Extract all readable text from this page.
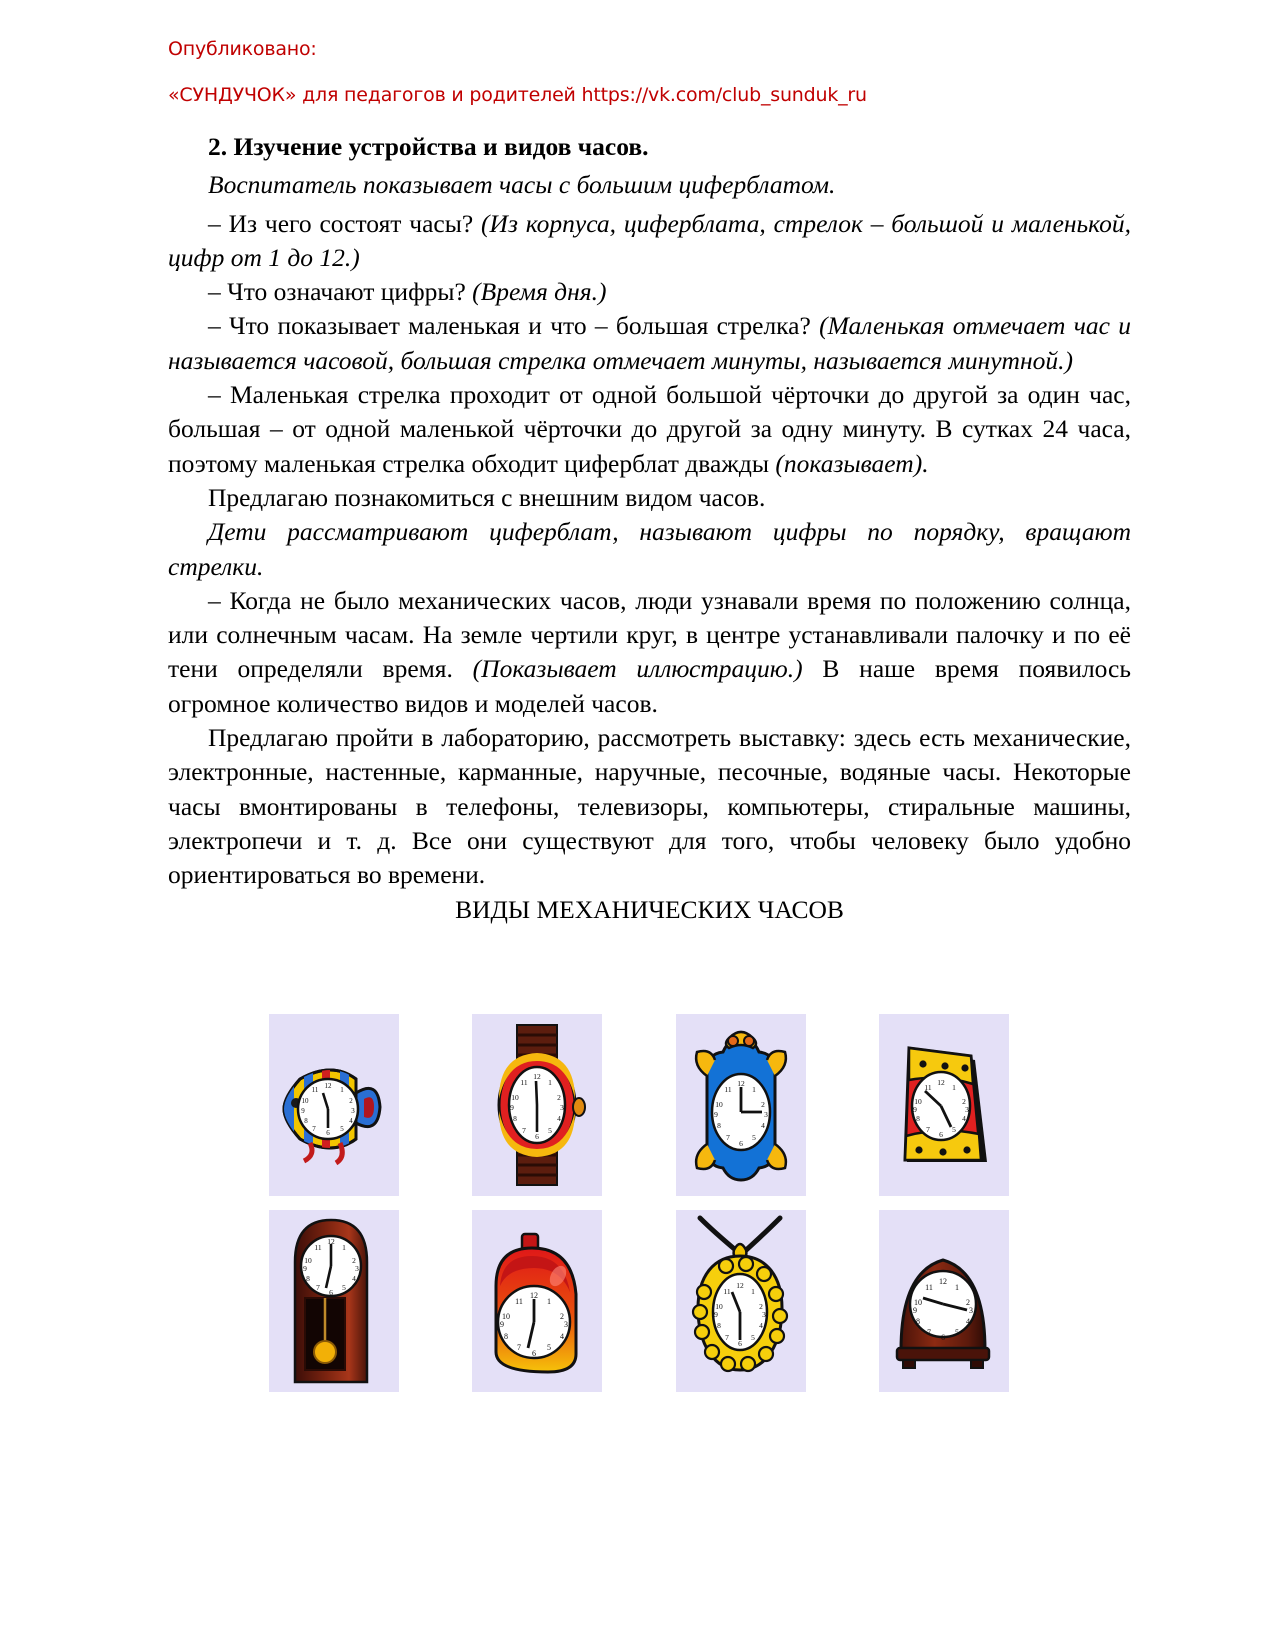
Опубликовано:
«СУНДУЧОК» для педагогов и родителей https://vk.com/club_sunduk_ru
2. Изучение устройства и видов часов.
Воспитатель показывает часы с большим циферблатом.

– Из чего состоят часы? (Из корпуса, циферблата, стрелок – большой и маленькой, цифр от 1 до 12.)

– Что означают цифры? (Время дня.)

– Что показывает маленькая и что – большая стрелка? (Маленькая отмечает час и называется часовой, большая стрелка отмечает минуты, называется минутной.)

– Маленькая стрелка проходит от одной большой чёрточки до другой за один час, большая – от одной маленькой чёрточки до другой за одну минуту. В сутках 24 часа, поэтому маленькая стрелка обходит циферблат дважды (показывает).

Предлагаю познакомиться с внешним видом часов.

Дети рассматривают циферблат, называют цифры по порядку, вращают стрелки.

– Когда не было механических часов, люди узнавали время по положению солнца, или солнечным часам. На земле чертили круг, в центре устанавливали палочку и по её тени определяли время. (Показывает иллюстрацию.) В наше время появилось огромное количество видов и моделей часов.

Предлагаю пройти в лабораторию, рассмотреть выставку: здесь есть механические, электронные, настенные, карманные, наручные, песочные, водяные часы. Некоторые часы вмонтированы в телефоны, телевизоры, компьютеры, стиральные машины, электропечи и т. д. Все они существуют для того, чтобы человеку было удобно ориентироваться во времени.

ВИДЫ МЕХАНИЧЕСКИХ ЧАСОВ
12 1
2
3
4
5
6
7
8
9
10
11
12
1
2
3
4
5
6
7
8
9
10
11	12
1
2
3
4
5
6
7
8
9
10
11
12
1
2
3
4
5
6
7
8
9
10
11
12
1
2
3
4
5
6
7
8
9
10
11
12
1
2
3
4
5
6
7
8
9
10
11
12
1
2
3
4
5
6
7
8
9
10
11
12
1
2
3
4
5
6
7
8
9
10
11
